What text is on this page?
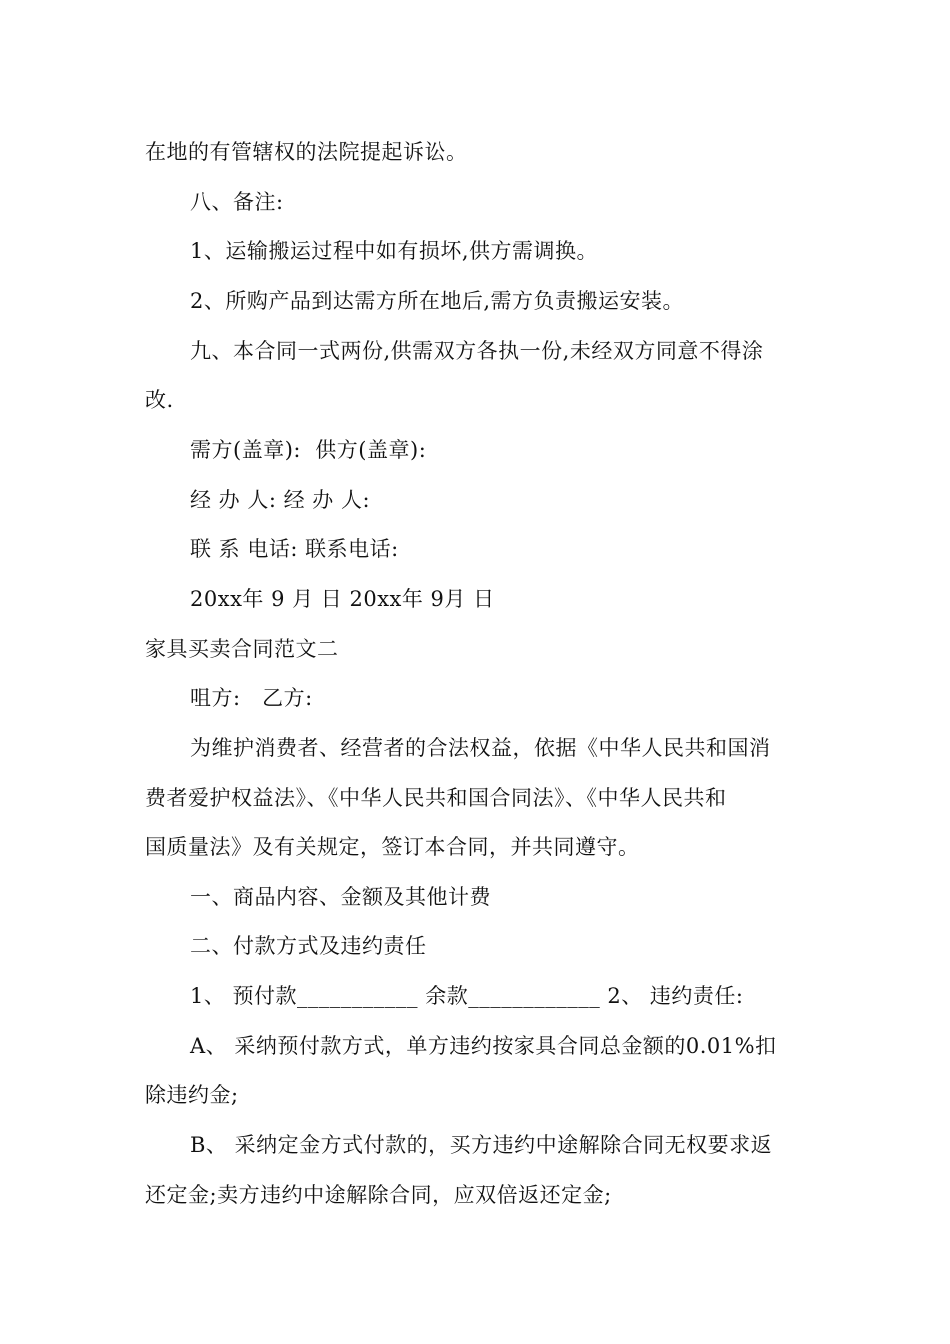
在地的有管辖权的法院提起诉讼。

八、备注:

1、运输搬运过程中如有损坏,供方需调换。

2、所购产品到达需方所在地后,需方负责搬运安装。

九、本合同一式两份,供需双方各执一份,未经双方同意不得涂

改.

需方(盖章):  供方(盖章):

经 办 人: 经 办 人:

联 系 电话: 联系电话:

20xx年 9 月 日 20xx年 9月 日

家具买卖合同范文二

咀方:   乙方:

为维护消费者、经营者的合法权益，依据《中华人民共和国消

费者爱护权益法》、《中华人民共和国合同法》、《中华人民共和

国质量法》及有关规定，签订本合同，并共同遵守。

一、商品内容、金额及其他计费

二、付款方式及违约责任

1、 预付款___________ 余款____________ 2、 违约责任:

A、 采纳预付款方式，单方违约按家具合同总金额的0.01%扣

除违约金;

B、 采纳定金方式付款的，买方违约中途解除合同无权要求返

还定金;卖方违约中途解除合同，应双倍返还定金;
